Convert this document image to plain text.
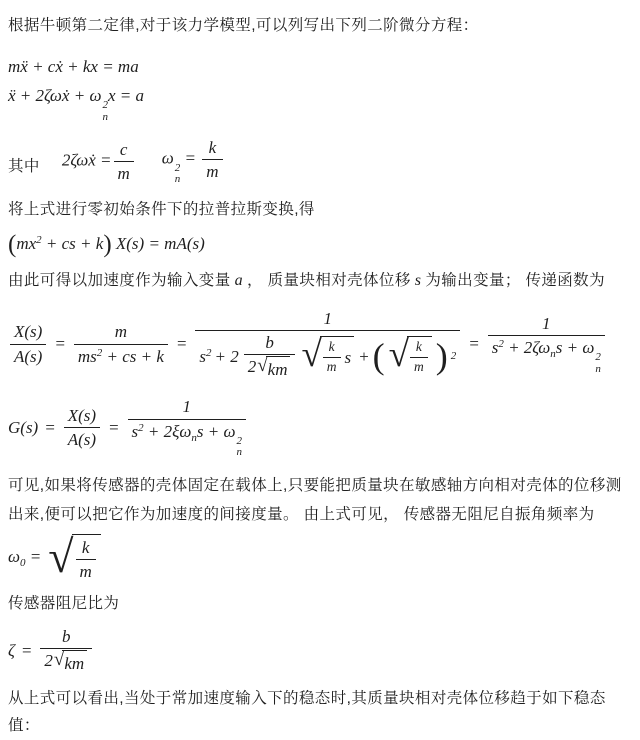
根据牛顿第二定律,对于该力学模型,可以列写出下列二阶微分方程：
mẍ + cẋ + kx = ma
ẍ + 2ζωẋ + ω 2
n
x = a
其中 2ζωẋ = $\frac{c}{m}$ ω 2
n
= $\frac{k}{m}$
将上式进行零初始条件下的拉普拉斯变换,得
($mx^2$ + cs + k) X(s) = mA(s)
由此可得以加速度作为输入变量 a ， 质量块相对壳体位移 s 为输出变量； 传递函数为
$\frac{X(s)}{A(s)} = \frac{m}{ms^2 + cs + k}$ =
1
$s^2 + 2 \frac{b}{2 √ km}$ √ $\frac{k}{m}$ s + ( √ $\frac{k}{m}$ ) 2
= 1
$s^2 + 2\zeta\omega_ns + \omega$ 2
n
$G(s) = \frac{X(s)}{A(s)} = 1$
$s^2 + 2\xi\omega_ns + \omega$ 2
n
可见,如果将传感器的壳体固定在载体上,只要能把质量块在敏感轴方向相对壳体的位移测出来,便可以把它作为加速度的间接度量。 由上式可见， 传感器无阻尼自振角频率为
$\omega_0$ = √ $\frac{k}{m}$
传感器阻尼比为
$\zeta = \frac{b}{2 √ km}$
从上式可以看出,当处于常加速度输入下的稳态时,其质量块相对壳体位移趋于如下稳态值：
